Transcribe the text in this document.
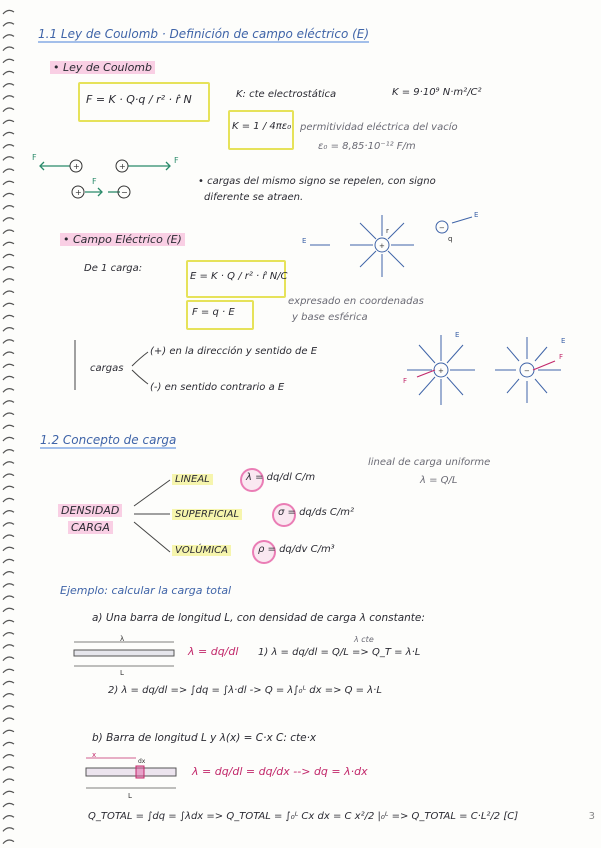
1.1 Ley de Coulomb · Definición de campo eléctrico (E)
• Ley de Coulomb
F = K · Q·q / r² · r̂ N	K: cte electrostática	K = 9·10⁹ N·m²/C²
K = 1 / 4πε₀ permitividad eléctrica del vacío
ε₀ = 8,85·10⁻¹² F/m
+	+
+	−
F	F
F	• cargas del mismo signo se repelen, con signo
diferente se atraen.
• Campo Eléctrico (E)
De 1 carga:
E = K · Q / r² · r̂ N/C
F = q · E
expresado en coordenadas
y base esférica
+
−
E
E
q
r
cargas
(+) en la dirección y sentido de E
(-) en sentido contrario a E
+	−
F
F
E
E
1.2 Concepto de carga
DENSIDAD
CARGA
LINEAL	λ = dq/dl C/m
lineal de carga uniforme
λ = Q/L
SUPERFICIAL	σ = dq/ds C/m²
VOLÚMICA	ρ = dq/dv C/m³
Ejemplo: calcular la carga total
a) Una barra de longitud L, con densidad de carga λ constante:
λ
L
λ = dq/dl 1) λ = dq/dl = Q/L => Q_T = λ·L
λ cte
2) λ = dq/dl => ∫dq = ∫λ·dl -> Q = λ∫₀ᴸ dx => Q = λ·L
b) Barra de longitud L y λ(x) = C·x C: cte·x
x
dx
L
λ = dq/dl = dq/dx --> dq = λ·dx
Q_TOTAL = ∫dq = ∫λdx => Q_TOTAL = ∫₀ᴸ Cx dx = C x²/2 |₀ᴸ => Q_TOTAL = C·L²/2 [C]	3
